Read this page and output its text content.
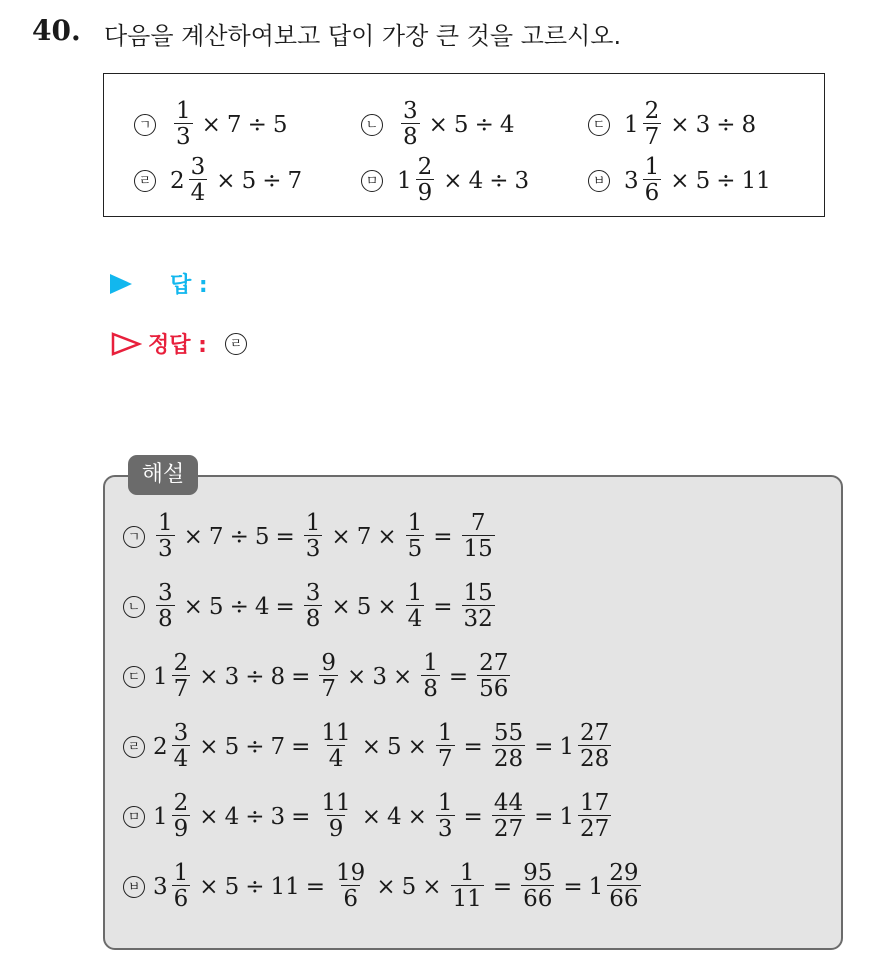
40. 다음을 계산하여보고 답이 가장 큰 것을 고르시오.
ㄱ $\frac{1}{3} \times 7 \div 5$	ㄴ $\frac{3}{8} \times 5 \div 4$	ㄷ $1 \frac{2}{7} \times 3 \div 8$
ㄹ $2 \frac{3}{4} \times 5 \div 7$	ㅁ $1 \frac{2}{9} \times 4 \div 3$	ㅂ $3 \frac{1}{6} \times 5 \div 11$
답 :
정답 :	ㄹ
해설
ㄱ $\frac{1}{3} \times 7 \div 5 = \frac{1}{3} \times 7 \times \frac{1}{5} = \frac{7}{15}$
ㄴ $\frac{3}{8} \times 5 \div 4 = \frac{3}{8} \times 5 \times \frac{1}{4} = \frac{15}{32}$
ㄷ $1 \frac{2}{7} \times 3 \div 8 = \frac{9}{7} \times 3 \times \frac{1}{8} = \frac{27}{56}$
ㄹ $2 \frac{3}{4} \times 5 \div 7 = \frac{11}{4} \times 5 \times \frac{1}{7} = \frac{55}{28} = 1 \frac{27}{28}$
ㅁ $1 \frac{2}{9} \times 4 \div 3 = \frac{11}{9} \times 4 \times \frac{1}{3} = \frac{44}{27} = 1 \frac{17}{27}$
ㅂ $3 \frac{1}{6} \times 5 \div 11 = \frac{19}{6} \times 5 \times \frac{1}{11} = \frac{95}{66} = 1 \frac{29}{66}$
